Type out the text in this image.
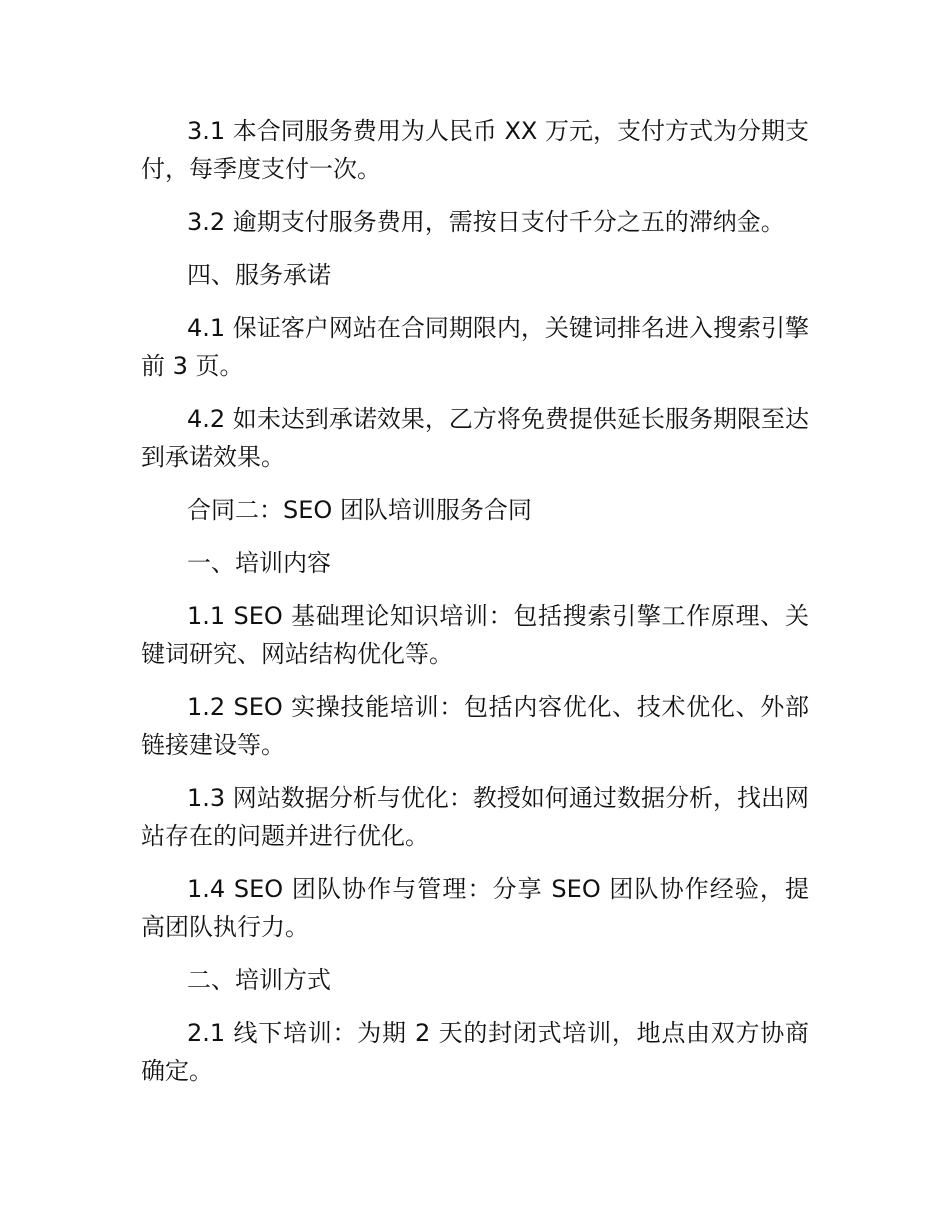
3.1 本合同服务费用为人民币 XX 万元，支付方式为分期支付，每季度支付一次。

3.2 逾期支付服务费用，需按日支付千分之五的滞纳金。

四、服务承诺

4.1 保证客户网站在合同期限内，关键词排名进入搜索引擎前 3 页。

4.2 如未达到承诺效果，乙方将免费提供延长服务期限至达到承诺效果。

合同二：SEO 团队培训服务合同

一、培训内容

1.1 SEO 基础理论知识培训：包括搜索引擎工作原理、关键词研究、网站结构优化等。

1.2 SEO 实操技能培训：包括内容优化、技术优化、外部链接建设等。

1.3 网站数据分析与优化：教授如何通过数据分析，找出网站存在的问题并进行优化。

1.4 SEO 团队协作与管理：分享 SEO 团队协作经验，提高团队执行力。

二、培训方式

2.1 线下培训：为期 2 天的封闭式培训，地点由双方协商确定。
